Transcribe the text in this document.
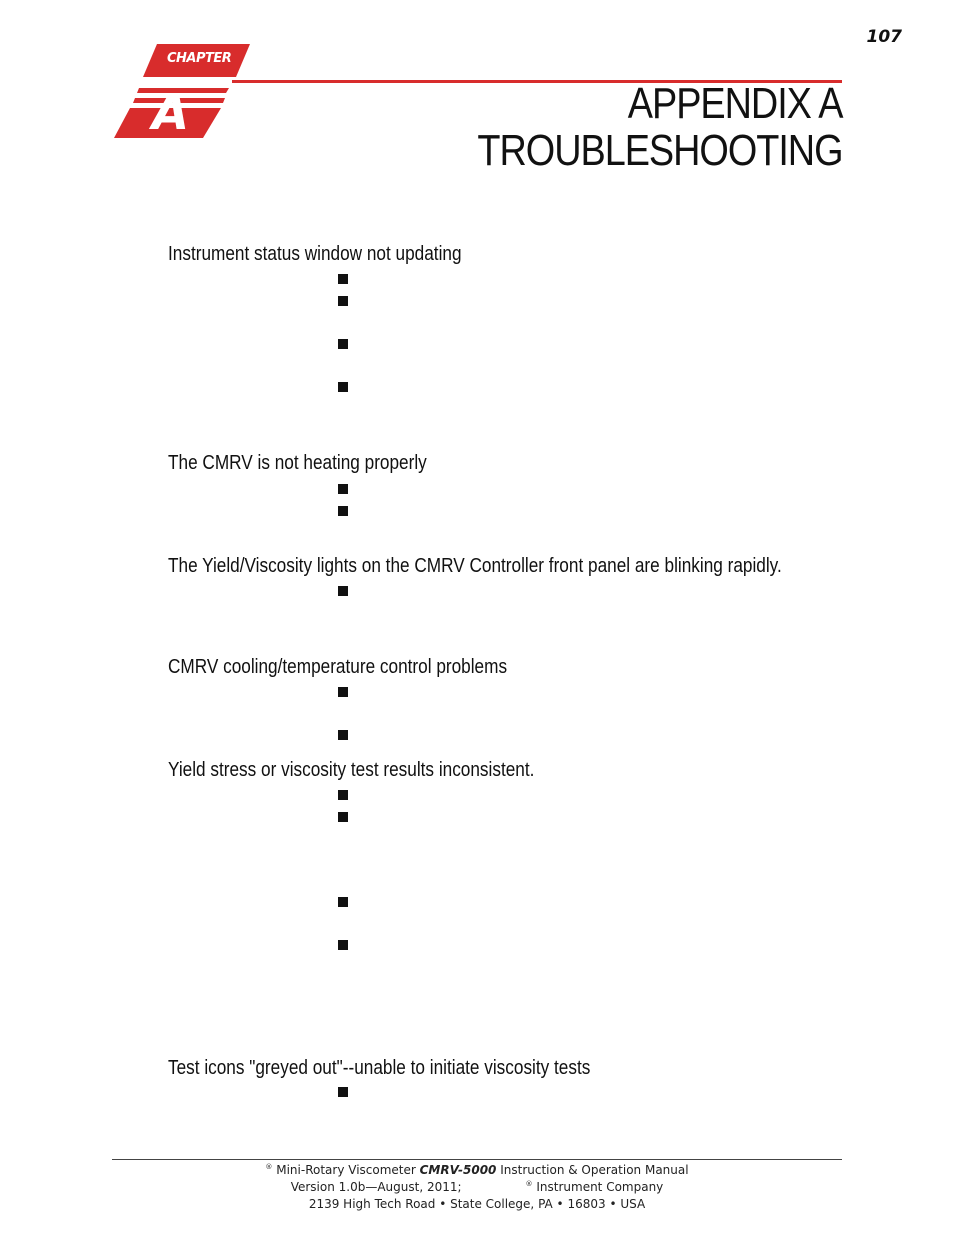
107
CHAPTER
A	APPENDIX A
TROUBLESHOOTING
Instrument status window not updating
The CMRV is not heating properly
The Yield/Viscosity lights on the CMRV Controller front panel are blinking rapidly.
CMRV cooling/temperature control problems
Yield stress or viscosity test results inconsistent.
Test icons "greyed out"--unable to initiate viscosity tests
® Mini-Rotary Viscometer CMRV-5000 Instruction & Operation Manual
Version 1.0b—August, 2011;	® Instrument Company
2139 High Tech Road • State College, PA • 16803 • USA
